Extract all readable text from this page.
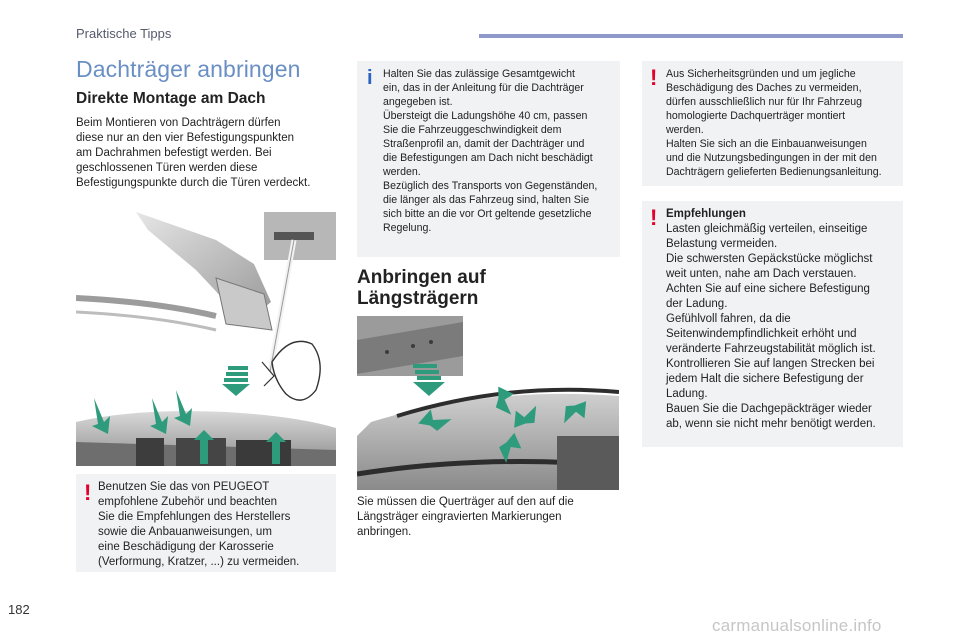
Praktische Tipps
Dachträger anbringen
Direkte Montage am Dach

Beim Montieren von Dachträgern dürfen
diese nur an den vier Befestigungspunkten
am Dachrahmen befestigt werden. Bei
geschlossenen Türen werden diese
Befestigungspunkte durch die Türen verdeckt.

! Benutzen Sie das von PEUGEOT
empfohlene Zubehör und beachten
Sie die Empfehlungen des Herstellers
sowie die Anbauanweisungen, um
eine Beschädigung der Karosserie
(Verformung, Kratzer, ...) zu vermeiden.

i Halten Sie das zulässige Gesamtgewicht
ein, das in der Anleitung für die Dachträger
angegeben ist.
Übersteigt die Ladungshöhe 40 cm, passen
Sie die Fahrzeuggeschwindigkeit dem
Straßenprofil an, damit der Dachträger und
die Befestigungen am Dach nicht beschädigt
werden.
Bezüglich des Transports von Gegenständen,
die länger als das Fahrzeug sind, halten Sie
sich bitte an die vor Ort geltende gesetzliche
Regelung.

Anbringen auf
Längsträgern

Sie müssen die Querträger auf den auf die
Längsträger eingravierten Markierungen
anbringen.

! Aus Sicherheitsgründen und um jegliche
Beschädigung des Daches zu vermeiden,
dürfen ausschließlich nur für Ihr Fahrzeug
homologierte Dachquerträger montiert
werden.
Halten Sie sich an die Einbauanweisungen
und die Nutzungsbedingungen in der mit den
Dachträgern gelieferten Bedienungsanleitung.

! Empfehlungen

Lasten gleichmäßig verteilen, einseitige
Belastung vermeiden.
Die schwersten Gepäckstücke möglichst
weit unten, nahe am Dach verstauen.
Achten Sie auf eine sichere Befestigung
der Ladung.
Gefühlvoll fahren, da die
Seitenwindempfindlichkeit erhöht und
veränderte Fahrzeugstabilität möglich ist.
Kontrollieren Sie auf langen Strecken bei
jedem Halt die sichere Befestigung der
Ladung.
Bauen Sie die Dachgepäckträger wieder
ab, wenn sie nicht mehr benötigt werden.

182
carmanualsonline.info
